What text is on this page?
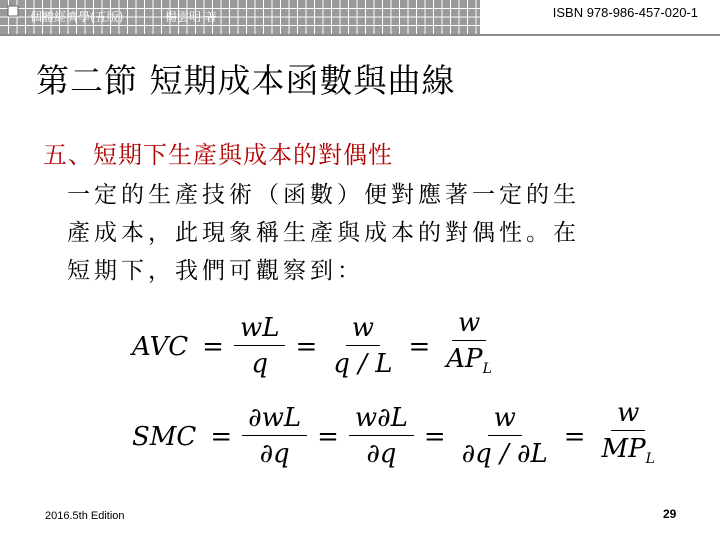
個體經濟學(五版)	楊雲明 著	ISBN 978-986-457-020-1
第二節 短期成本函數與曲線
五、短期下生產與成本的對偶性
一定的生產技術（函數）便對應著一定的生
產成本，此現象稱生產與成本的對偶性。在
短期下，我們可觀察到：
AVC = $\frac{wL}{q} = \frac{w}{q / L} = \frac{w}{AP_L}$
SMC = $\frac{\partial wL}{\partial q} = \frac{w\partial L}{\partial q} = \frac{w}{\partial q / \partial L} = \frac{w}{MP_L}$
2016.5th Edition	29
